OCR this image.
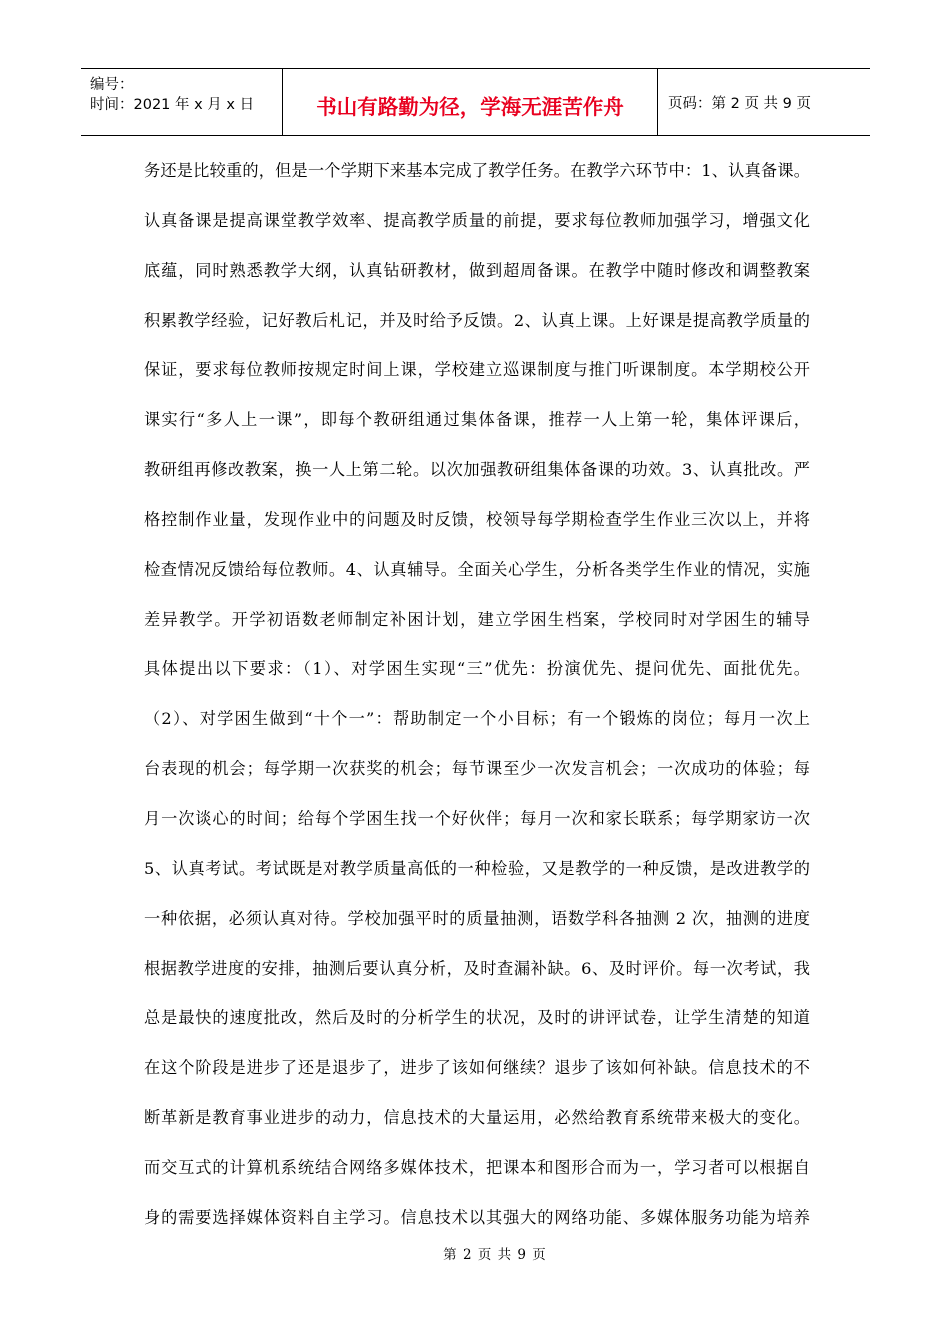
编号：
时间：2021 年 x 月 x 日	书山有路勤为径，学海无涯苦作舟	页码：第 2 页 共 9 页
务还是比较重的，但是一个学期下来基本完成了教学任务。在教学六环节中：1、认真备课。
认真备课是提高课堂教学效率、提高教学质量的前提，要求每位教师加强学习，增强文化
底蕴，同时熟悉教学大纲，认真钻研教材，做到超周备课。在教学中随时修改和调整教案
积累教学经验，记好教后札记，并及时给予反馈。2、认真上课。上好课是提高教学质量的
保证，要求每位教师按规定时间上课，学校建立巡课制度与推门听课制度。本学期校公开
课实行“多人上一课”，即每个教研组通过集体备课，推荐一人上第一轮，集体评课后，
教研组再修改教案，换一人上第二轮。以次加强教研组集体备课的功效。3、认真批改。严
格控制作业量，发现作业中的问题及时反馈，校领导每学期检查学生作业三次以上，并将
检查情况反馈给每位教师。4、认真辅导。全面关心学生，分析各类学生作业的情况，实施
差异教学。开学初语数老师制定补困计划，建立学困生档案，学校同时对学困生的辅导
具体提出以下要求：（1）、对学困生实现“三”优先：扮演优先、提问优先、面批优先。
（2）、对学困生做到“十个一”：帮助制定一个小目标；有一个锻炼的岗位；每月一次上
台表现的机会；每学期一次获奖的机会；每节课至少一次发言机会；一次成功的体验；每
月一次谈心的时间；给每个学困生找一个好伙伴；每月一次和家长联系；每学期家访一次
5、认真考试。考试既是对教学质量高低的一种检验，又是教学的一种反馈，是改进教学的
一种依据，必须认真对待。学校加强平时的质量抽测，语数学科各抽测 2 次，抽测的进度
根据教学进度的安排，抽测后要认真分析，及时查漏补缺。6、及时评价。每一次考试，我
总是最快的速度批改，然后及时的分析学生的状况，及时的讲评试卷，让学生清楚的知道
在这个阶段是进步了还是退步了，进步了该如何继续？退步了该如何补缺。信息技术的不
断革新是教育事业进步的动力，信息技术的大量运用，必然给教育系统带来极大的变化。
而交互式的计算机系统结合网络多媒体技术，把课本和图形合而为一，学习者可以根据自
身的需要选择媒体资料自主学习。信息技术以其强大的网络功能、多媒体服务功能为培养
第 2 页 共 9 页
